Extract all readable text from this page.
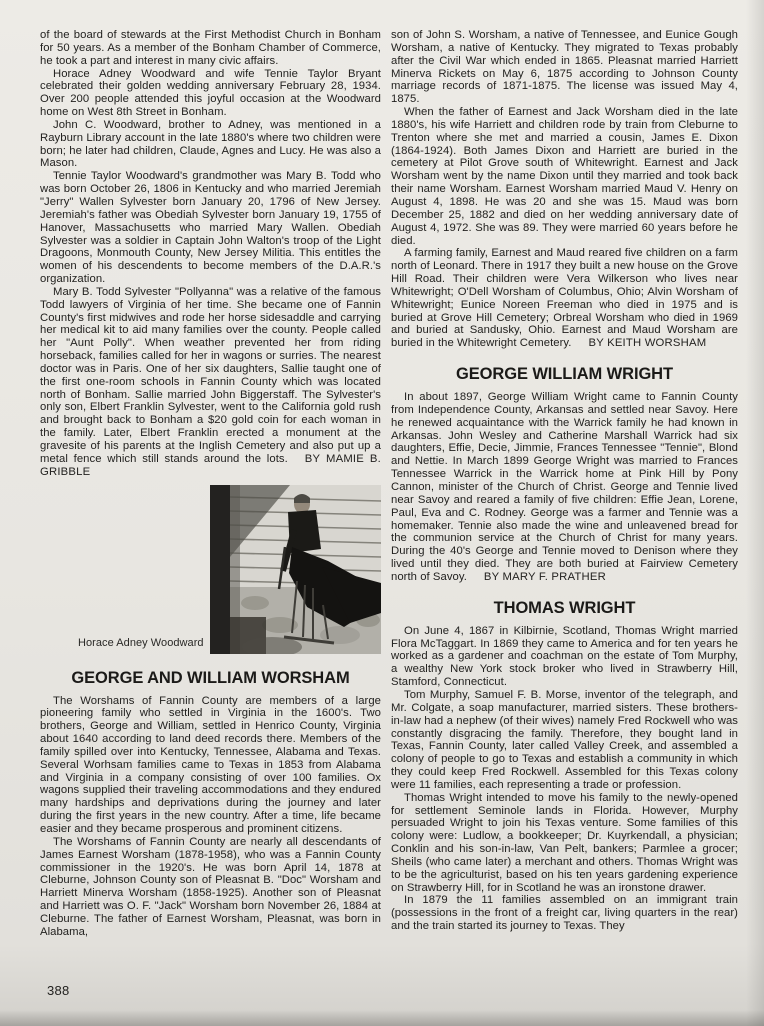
of the board of stewards at the First Methodist Church in Bonham for 50 years. As a member of the Bonham Chamber of Commerce, he took a part and interest in many civic affairs.

Horace Adney Woodward and wife Tennie Taylor Bryant celebrated their golden wedding anniversary February 28, 1934. Over 200 people attended this joyful occasion at the Woodward home on West 8th Street in Bonham.

John C. Woodward, brother to Adney, was mentioned in a Rayburn Library account in the late 1880's where two children were born; he later had children, Claude, Agnes and Lucy. He was also a Mason.

Tennie Taylor Woodward's grandmother was Mary B. Todd who was born October 26, 1806 in Kentucky and who married Jeremiah "Jerry" Wallen Sylvester born January 20, 1796 of New Jersey. Jeremiah's father was Obediah Sylvester born January 19, 1755 of Hanover, Massachusetts who married Mary Wallen. Obediah Sylvester was a soldier in Captain John Walton's troop of the Light Dragoons, Monmouth County, New Jersey Militia. This entitles the women of his descendents to become members of the D.A.R.'s organization.

Mary B. Todd Sylvester "Pollyanna" was a relative of the famous Todd lawyers of Virginia of her time. She became one of Fannin County's first midwives and rode her horse sidesaddle and carrying her medical kit to aid many families over the county. People called her "Aunt Polly". When weather prevented her from riding horseback, families called for her in wagons or surries. The nearest doctor was in Paris. One of her six daughters, Sallie taught one of the first one-room schools in Fannin County which was located north of Bonham. Sallie married John Biggerstaff. The Sylvester's only son, Elbert Franklin Sylvester, went to the California gold rush and brought back to Bonham a $20 gold coin for each woman in the family. Later, Elbert Franklin erected a monument at the gravesite of his parents at the Inglish Cemetery and also put up a metal fence which still stands around the lots. BY MAMIE B. GRIBBLE

Horace Adney Woodward
GEORGE AND WILLIAM WORSHAM

The Worshams of Fannin County are members of a large pioneering family who settled in Virginia in the 1600's. Two brothers, George and William, settled in Henrico County, Virginia about 1640 according to land deed records there. Members of the family spilled over into Kentucky, Tennessee, Alabama and Texas. Several Worhsam families came to Texas in 1853 from Alabama and Virginia in a company consisting of over 100 families. Ox wagons supplied their traveling accommodations and they endured many hardships and deprivations during the journey and later during the first years in the new country. After a time, life became easier and they became prosperous and prominent citizens.

The Worshams of Fannin County are nearly all descendants of James Earnest Worsham (1878-1958), who was a Fannin County commissioner in the 1920's. He was born April 14, 1878 at Cleburne, Johnson County son of Pleasnat B. "Doc" Worsham and Harriett Minerva Worsham (1858-1925). Another son of Pleasnat and Harriett was O. F. "Jack" Worsham born November 26, 1884 at Cleburne. The father of Earnest Worsham, Pleasnat, was born in Alabama,

son of John S. Worsham, a native of Tennessee, and Eunice Gough Worsham, a native of Kentucky. They migrated to Texas probably after the Civil War which ended in 1865. Pleasnat married Harriett Minerva Rickets on May 6, 1875 according to Johnson County marriage records of 1871-1875. The license was issued May 4, 1875.

When the father of Earnest and Jack Worsham died in the late 1880's, his wife Harriett and children rode by train from Cleburne to Trenton where she met and married a cousin, James E. Dixon (1864-1924). Both James Dixon and Harriett are buried in the cemetery at Pilot Grove south of Whitewright. Earnest and Jack Worsham went by the name Dixon until they married and took back their name Worsham. Earnest Worsham married Maud V. Henry on August 4, 1898. He was 20 and she was 15. Maud was born December 25, 1882 and died on her wedding anniversary date of August 4, 1972. She was 89. They were married 60 years before he died.

A farming family, Earnest and Maud reared five children on a farm north of Leonard. There in 1917 they built a new house on the Grove Hill Road. Their children were Vera Wilkerson who lives near Whitewright; O'Dell Worsham of Columbus, Ohio; Alvin Worsham of Whitewright; Eunice Noreen Freeman who died in 1975 and is buried at Grove Hill Cemetery; Orbreal Worsham who died in 1969 and buried at Sandusky, Ohio. Earnest and Maud Worsham are buried in the Whitewright Cemetery. BY KEITH WORSHAM

GEORGE WILLIAM WRIGHT

In about 1897, George William Wright came to Fannin County from Independence County, Arkansas and settled near Savoy. Here he renewed acquaintance with the Warrick family he had known in Arkansas. John Wesley and Catherine Marshall Warrick had six daughters, Effie, Decie, Jimmie, Frances Tennessee "Tennie", Blond and Nettie. In March 1899 George Wright was married to Frances Tennessee Warrick in the Warrick home at Pink Hill by Pony Cannon, minister of the Church of Christ. George and Tennie lived near Savoy and reared a family of five children: Effie Jean, Lorene, Paul, Eva and C. Rodney. George was a farmer and Tennie was a homemaker. Tennie also made the wine and unleavened bread for the communion service at the Church of Christ for many years. During the 40's George and Tennie moved to Denison where they lived until they died. They are both buried at Fairview Cemetery north of Savoy. BY MARY F. PRATHER

THOMAS WRIGHT

On June 4, 1867 in Kilbirnie, Scotland, Thomas Wright married Flora McTaggart. In 1869 they came to America and for ten years he worked as a gardener and coachman on the estate of Tom Murphy, a wealthy New York stock broker who lived in Strawberry Hill, Stamford, Connecticut.

Tom Murphy, Samuel F. B. Morse, inventor of the telegraph, and Mr. Colgate, a soap manufacturer, married sisters. These brothers-in-law had a nephew (of their wives) namely Fred Rockwell who was constantly disgracing the family. Therefore, they bought land in Texas, Fannin County, later called Valley Creek, and assembled a colony of people to go to Texas and establish a community in which they could keep Fred Rockwell. Assembled for this Texas colony were 11 families, each representing a trade or profession.

Thomas Wright intended to move his family to the newly-opened for settlement Seminole lands in Florida. However, Murphy persuaded Wright to join his Texas venture. Some families of this colony were: Ludlow, a bookkeeper; Dr. Kuyrkendall, a physician; Conklin and his son-in-law, Van Pelt, bankers; Parmlee a grocer; Sheils (who came later) a merchant and others. Thomas Wright was to be the agriculturist, based on his ten years gardening experience on Strawberry Hill, for in Scotland he was an ironstone drawer.

In 1879 the 11 families assembled on an immigrant train (possessions in the front of a freight car, living quarters in the rear) and the train started its journey to Texas. They

388
